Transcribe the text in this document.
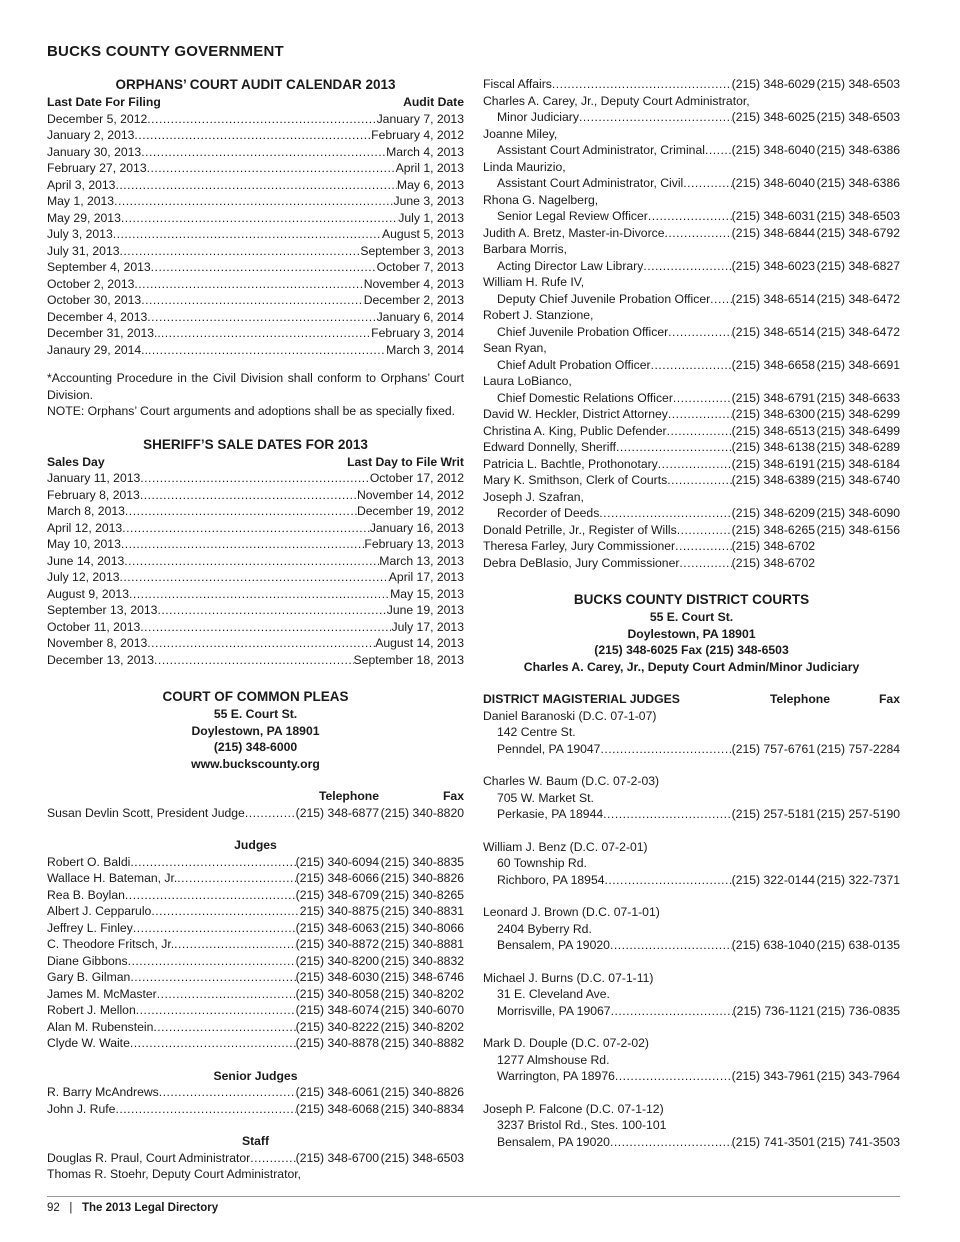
BUCKS COUNTY GOVERNMENT
ORPHANS’ COURT AUDIT CALENDAR 2013
Last Date For Filing	Audit Date
December 5, 2012 .....	January 7, 2013
January 2, 2013 .....	February 4, 2012
January 30, 2013 .....	March 4, 2013
February 27, 2013 .....	April 1, 2013
April 3, 2013 .....	May 6, 2013
May 1, 2013 .....	June 3, 2013
May 29, 2013 .....	July 1, 2013
July 3, 2013 .....	August 5, 2013
July 31, 2013 .....	September 3, 2013
September 4, 2013 .....	October 7, 2013
October 2, 2013 .....	November 4, 2013
October 30, 2013 .....	December 2, 2013
December 4, 2013 .....	January 6, 2014
December 31, 2013.. .....	February 3, 2014
Janaury 29, 2014.. .....	March 3, 2014
*Accounting Procedure in the Civil Division shall conform to Orphans’ Court Division.
NOTE: Orphans’ Court arguments and adoptions shall be as specially fixed.
SHERIFF’S SALE DATES FOR 2013
Sales Day	Last Day to File Writ
January 11, 2013 .....	October 17, 2012
February 8, 2013 .....	November 14, 2012
March 8, 2013 .....	December 19, 2012
April 12, 2013 .....	January 16, 2013
May 10, 2013 .....	February 13, 2013
June 14, 2013 .....	March 13, 2013
July 12, 2013 .....	April 17, 2013
August 9, 2013 .....	May 15, 2013
September 13, 2013 .....	June 19, 2013
October 11, 2013 .....	July 17, 2013
November 8, 2013 .....	August 14, 2013
December 13, 2013 .....	September 18, 2013
COURT OF COMMON PLEAS
55 E. Court St.
Doylestown, PA 18901
(215) 348-6000
www.buckscounty.org
Telephone	Fax
Susan Devlin Scott, President Judge .....	(215) 348-6877 (215) 340-8820
Judges
Robert O. Baldi .....	(215) 340-6094 (215) 340-8835
Wallace H. Bateman, Jr. .....	(215) 348-6066 (215) 340-8826
Rea B. Boylan .....	(215) 348-6709 (215) 340-8265
Albert J. Cepparulo .....	215) 340-8875 (215) 340-8831
Jeffrey L. Finley .....	(215) 348-6063 (215) 340-8066
C. Theodore Fritsch, Jr. .....	(215) 340-8872 (215) 340-8881
Diane Gibbons .....	(215) 340-8200 (215) 340-8832
Gary B. Gilman .....	(215) 348-6030 (215) 348-6746
James M. McMaster .....	(215) 340-8058 (215) 340-8202
Robert J. Mellon .....	(215) 348-6074 (215) 340-6070
Alan M. Rubenstein .....	(215) 340-8222 (215) 340-8202
Clyde W. Waite .....	(215) 340-8878 (215) 340-8882
Senior Judges
R. Barry McAndrews .....	(215) 348-6061 (215) 340-8826
John J. Rufe .....	(215) 348-6068 (215) 340-8834
Staff
Douglas R. Praul, Court Administrator .....	(215) 348-6700 (215) 348-6503
Thomas R. Stoehr, Deputy Court Administrator,
Fiscal Affairs .....	(215) 348-6029 (215) 348-6503
Charles A. Carey, Jr., Deputy Court Administrator,
Minor Judiciary .....	(215) 348-6025 (215) 348-6503
Joanne Miley,
Assistant Court Administrator, Criminal ..... (215) 348-6040 (215) 348-6386
Linda Maurizio,
Assistant Court Administrator, Civil .....	(215) 348-6040 (215) 348-6386
Rhona G. Nagelberg,
Senior Legal Review Officer .....	(215) 348-6031 (215) 348-6503
Judith A. Bretz, Master-in-Divorce .....	(215) 348-6844 (215) 348-6792
Barbara Morris,
Acting Director Law Library .....	(215) 348-6023 (215) 348-6827
William H. Rufe IV,
Deputy Chief Juvenile Probation Officer ..... (215) 348-6514 (215) 348-6472
Robert J. Stanzione,
Chief Juvenile Probation Officer .....	(215) 348-6514 (215) 348-6472
Sean Ryan,
Chief Adult Probation Officer .....	(215) 348-6658 (215) 348-6691
Laura LoBianco,
Chief Domestic Relations Officer .....	(215) 348-6791 (215) 348-6633
David W. Heckler, District Attorney .....	(215) 348-6300 (215) 348-6299
Christina A. King, Public Defender .....	(215) 348-6513 (215) 348-6499
Edward Donnelly, Sheriff .....	(215) 348-6138 (215) 348-6289
Patricia L. Bachtle, Prothonotary .....	(215) 348-6191 (215) 348-6184
Mary K. Smithson, Clerk of Courts .....	(215) 348-6389 (215) 348-6740
Joseph J. Szafran,
Recorder of Deeds .....	(215) 348-6209 (215) 348-6090
Donald Petrille, Jr., Register of Wills .....	(215) 348-6265 (215) 348-6156
Theresa Farley, Jury Commissioner .....	(215) 348-6702
Debra DeBlasio, Jury Commissioner .....	(215) 348-6702
BUCKS COUNTY DISTRICT COURTS
55 E. Court St.
Doylestown, PA 18901
(215) 348-6025 Fax (215) 348-6503
Charles A. Carey, Jr., Deputy Court Admin/Minor Judiciary
DISTRICT MAGISTERIAL JUDGES	Telephone	Fax
Daniel Baranoski (D.C. 07-1-07)
142 Centre St.
Penndel, PA 19047 .....	(215) 757-6761 (215) 757-2284
Charles W. Baum (D.C. 07-2-03)
705 W. Market St.
Perkasie, PA 18944 .....	(215) 257-5181 (215) 257-5190
William J. Benz (D.C. 07-2-01)
60 Township Rd.
Richboro, PA 18954 .....	(215) 322-0144 (215) 322-7371
Leonard J. Brown (D.C. 07-1-01)
2404 Byberry Rd.
Bensalem, PA 19020 .....	(215) 638-1040 (215) 638-0135
Michael J. Burns (D.C. 07-1-11)
31 E. Cleveland Ave.
Morrisville, PA 19067 .....	(215) 736-1121 (215) 736-0835
Mark D. Douple (D.C. 07-2-02)
1277 Almshouse Rd.
Warrington, PA 18976 .....	(215) 343-7961 (215) 343-7964
Joseph P. Falcone (D.C. 07-1-12)
3237 Bristol Rd., Stes. 100-101
Bensalem, PA 19020 .....	(215) 741-3501 (215) 741-3503
92 | The 2013 Legal Directory
